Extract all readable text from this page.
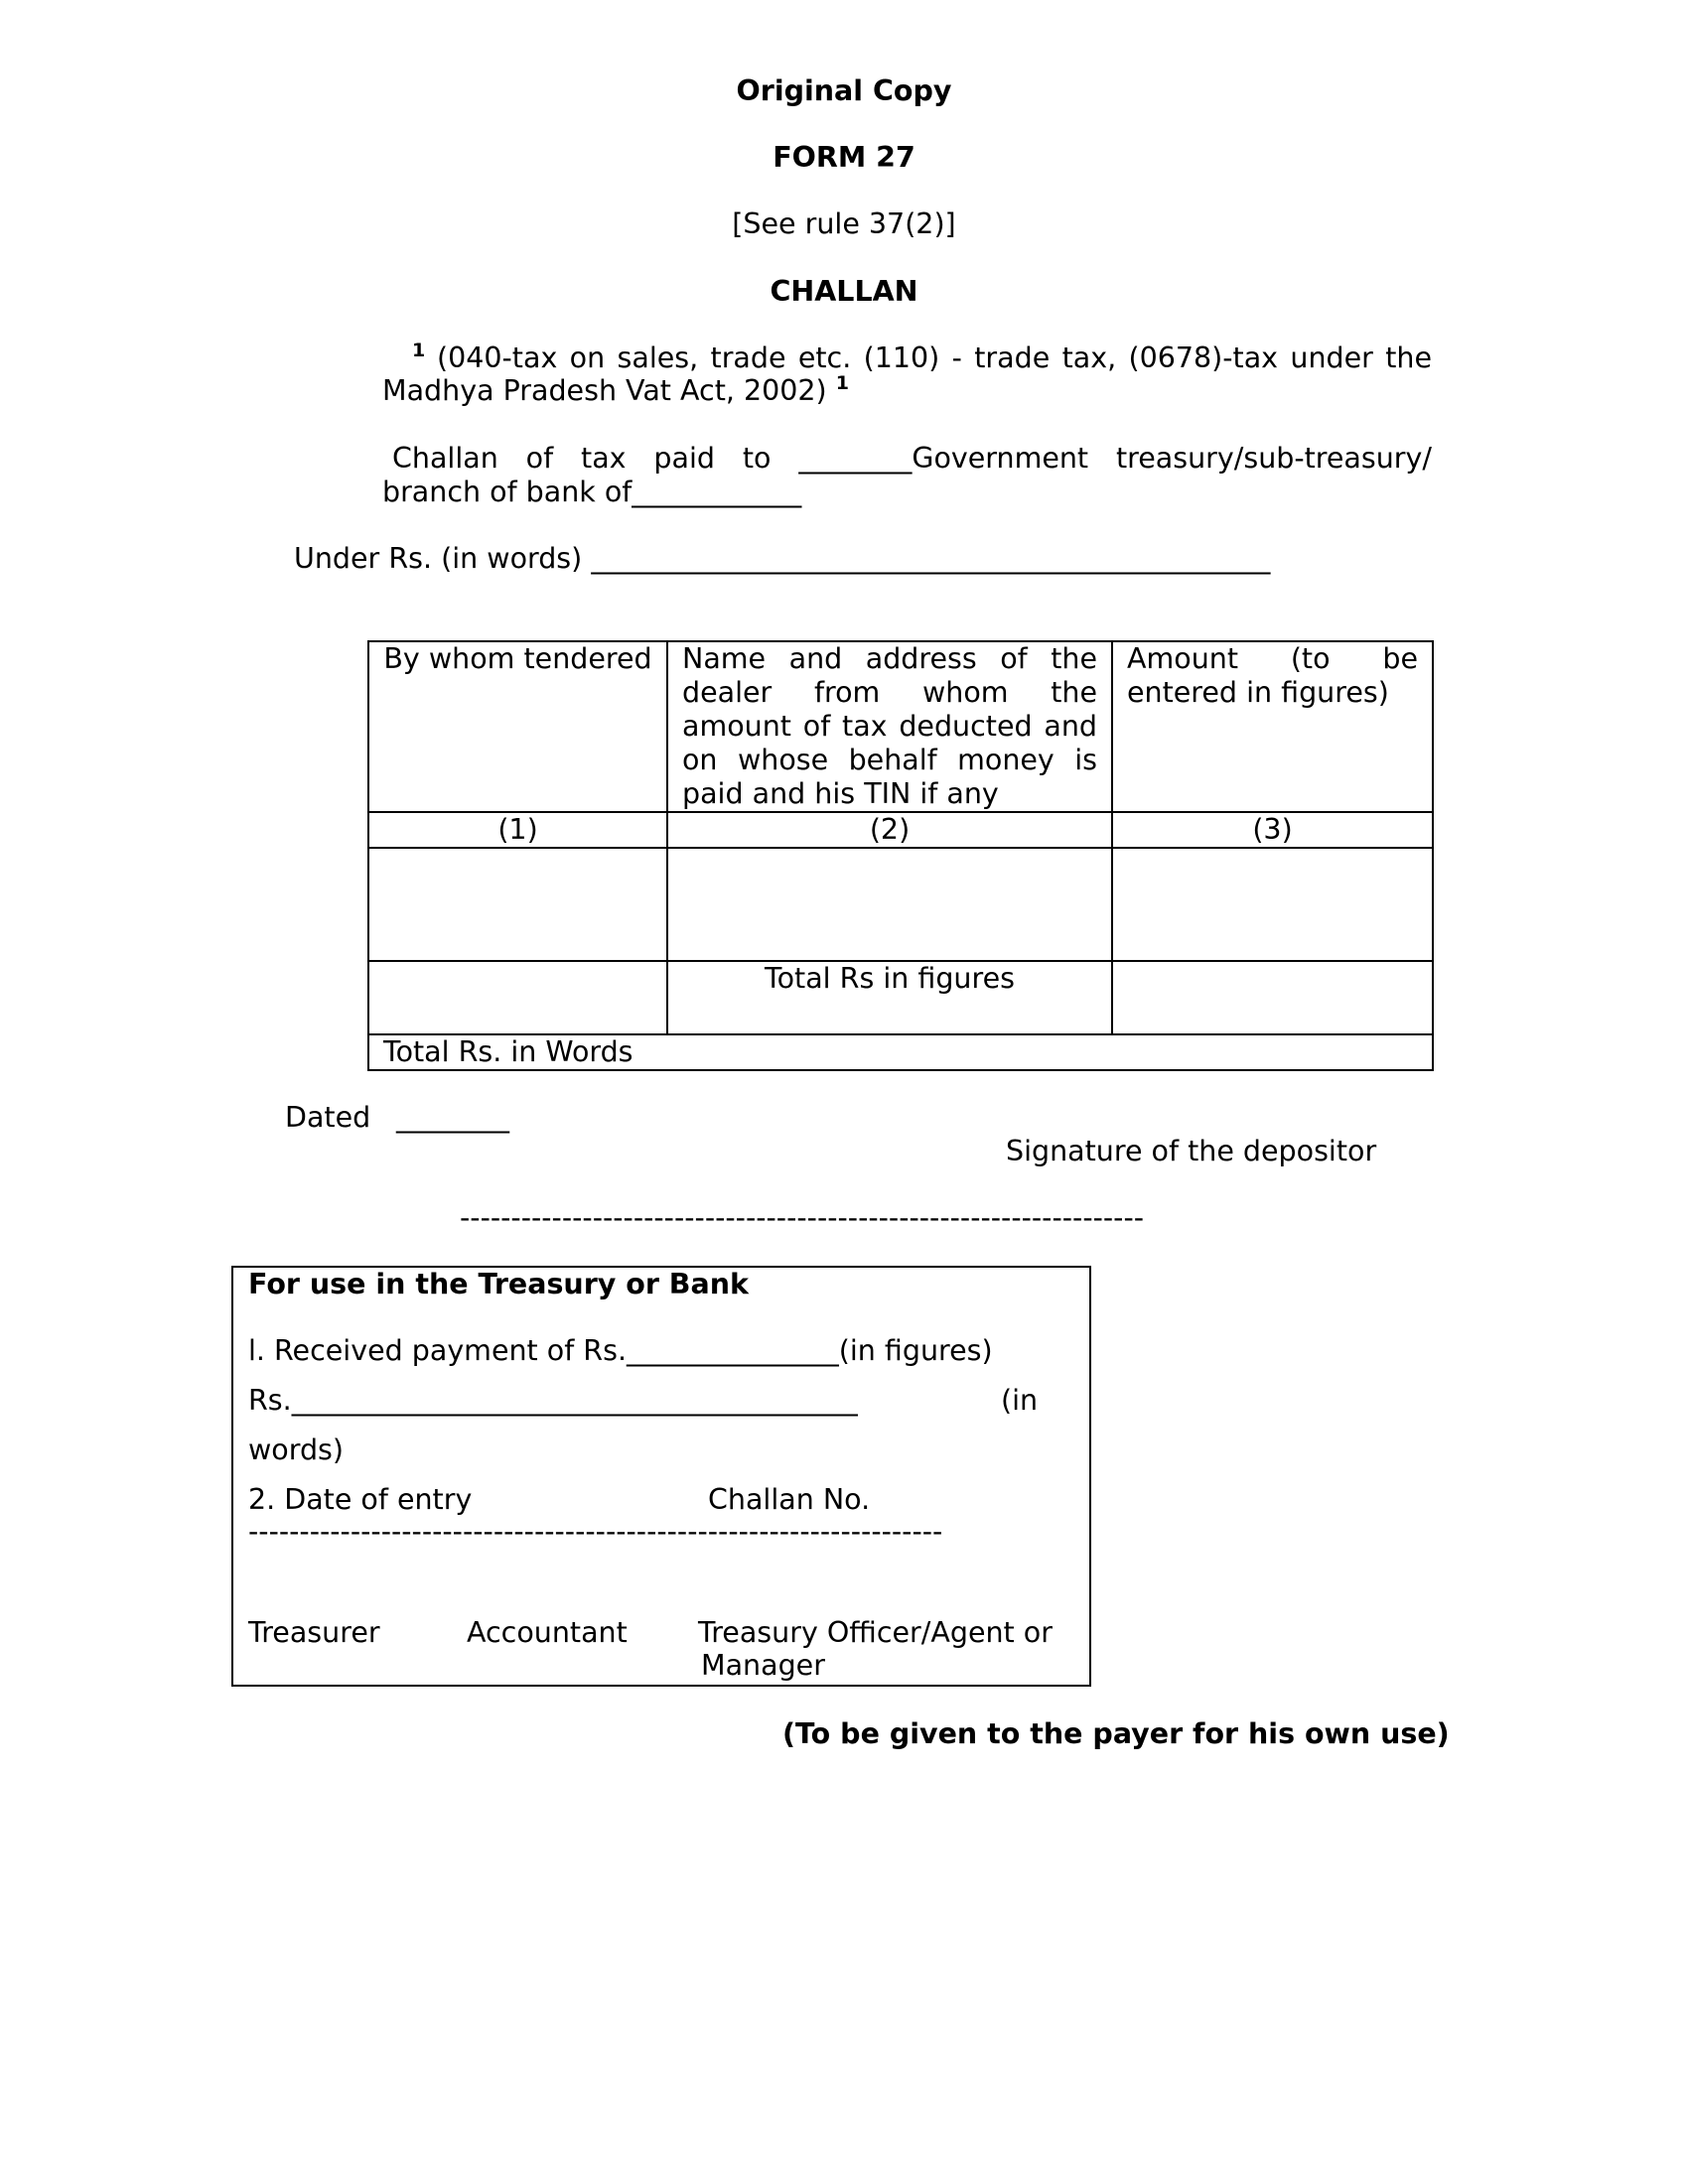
Original Copy
FORM 27
[See rule 37(2)]
CHALLAN
$^1$ (040-tax on sales, trade etc. (110) - trade tax, (0678)-tax under the
Madhya Pradesh Vat Act, 2002) $^1$
Challan of tax paid to ________Government treasury/sub-treasury/
branch of bank of____________
Under Rs. (in words) ________________________________________________
By whom tendered	Name and address of the dealer from whom the amount of tax deducted and on whose behalf money is paid and his TIN if any	Amount (to be entered in figures)
(1)	(2)	(3)

	Total Rs in figures	
Total Rs. in Words		
Dated ________
Signature of the depositor
-------------------------------------------------------------------
For use in the Treasury or Bank
l. Received payment of Rs._______________(in figures)
Rs.________________________________________	(in
words)
2. Date of entry	Challan No.
--------------------------------------------------------------------
Treasurer	Accountant Treasury Officer/Agent or
Manager
(To be given to the payer for his own use)
